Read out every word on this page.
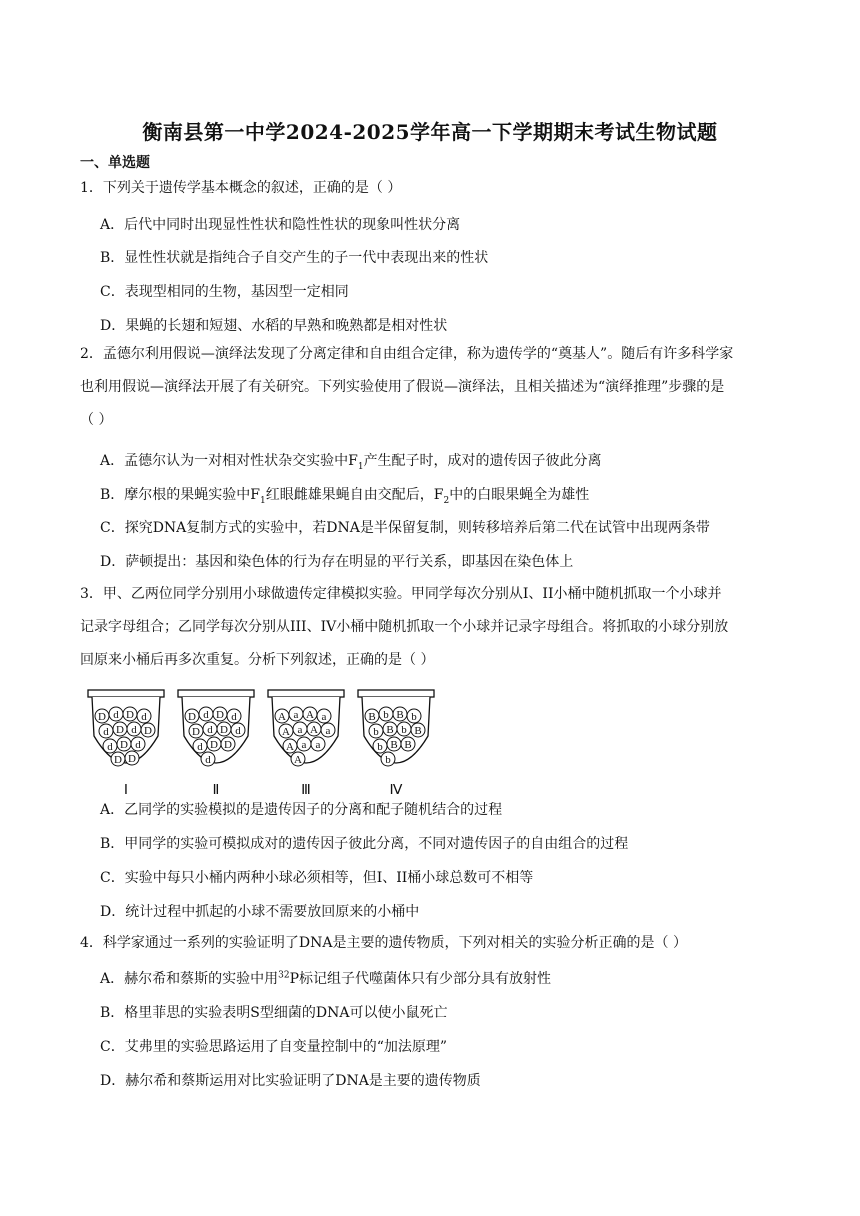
衡南县第一中学2024-2025学年高一下学期期末考试生物试题
一、单选题
1．下列关于遗传学基本概念的叙述，正确的是（ ）
A．后代中同时出现显性性状和隐性性状的现象叫性状分离
B．显性性状就是指纯合子自交产生的子一代中表现出来的性状
C．表现型相同的生物，基因型一定相同
D．果蝇的长翅和短翅、水稻的早熟和晚熟都是相对性状
2．孟德尔利用假说—演绎法发现了分离定律和自由组合定律，称为遗传学的“奠基人”。随后有许多科学家
也利用假说—演绎法开展了有关研究。下列实验使用了假说—演绎法，且相关描述为“演绎推理”步骤的是
（ ）
A．孟德尔认为一对相对性状杂交实验中$F_1$产生配子时，成对的遗传因子彼此分离
B．摩尔根的果蝇实验中$F_1$红眼雌雄果蝇自由交配后，$F_2$中的白眼果蝇全为雄性
C．探究DNA复制方式的实验中，若DNA是半保留复制，则转移培养后第二代在试管中出现两条带
D．萨顿提出：基因和染色体的行为存在明显的平行关系，即基因在染色体上
3．甲、乙两位同学分别用小球做遗传定律模拟实验。甲同学每次分别从I、II小桶中随机抓取一个小球并
记录字母组合；乙同学每次分别从III、IV小桶中随机抓取一个小球并记录字母组合。将抓取的小球分别放
回原来小桶后再多次重复。分析下列叙述，正确的是（ ）
D d D d
d D d D
d D d
D D
Ⅰ
D d D d
D d D d
d D D
d
Ⅱ
A a A a
A a A a
A a a
A
Ⅲ
B b B b
b B b B
b B B
b
Ⅳ
A．乙同学的实验模拟的是遗传因子的分离和配子随机结合的过程
B．甲同学的实验可模拟成对的遗传因子彼此分离，不同对遗传因子的自由组合的过程
C．实验中每只小桶内两种小球必须相等，但I、II桶小球总数可不相等
D．统计过程中抓起的小球不需要放回原来的小桶中
4．科学家通过一系列的实验证明了DNA是主要的遗传物质，下列对相关的实验分析正确的是（ ）
A．赫尔希和蔡斯的实验中用$^{32}$P标记组子代噬菌体只有少部分具有放射性
B．格里菲思的实验表明S型细菌的DNA可以使小鼠死亡
C．艾弗里的实验思路运用了自变量控制中的“加法原理”
D．赫尔希和蔡斯运用对比实验证明了DNA是主要的遗传物质
